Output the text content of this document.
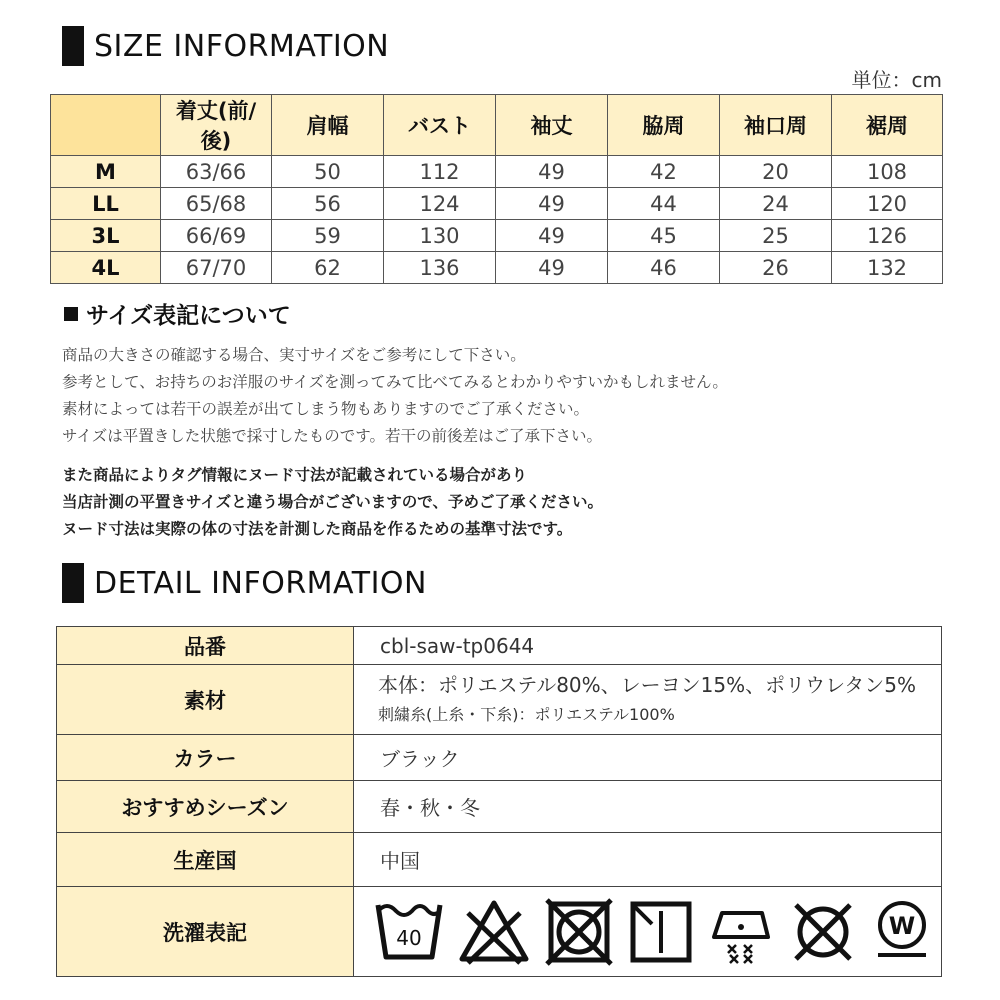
SIZE INFORMATION
単位：cm
	着丈(前/後)	肩幅	バスト	袖丈	脇周	袖口周	裾周
M	63/66	50	112	49	42	20	108
LL	65/68	56	124	49	44	24	120
3L	66/69	59	130	49	45	25	126
4L	67/70	62	136	49	46	26	132
サイズ表記について
商品の大きさの確認する場合、実寸サイズをご参考にして下さい。
参考として、お持ちのお洋服のサイズを測ってみて比べてみるとわかりやすいかもしれません。
素材によっては若干の誤差が出てしまう物もありますのでご了承ください。
サイズは平置きした状態で採寸したものです。若干の前後差はご了承下さい。
また商品によりタグ情報にヌード寸法が記載されている場合があり
当店計測の平置きサイズと違う場合がございますので、予めご了承ください。
ヌード寸法は実際の体の寸法を計測した商品を作るための基準寸法です。
DETAIL INFORMATION
品番	cbl-saw-tp0644
素材	本体：ポリエステル80%、レーヨン15%、ポリウレタン5%
刺繍糸(上糸・下糸)：ポリエステル100%

カラー	ブラック
おすすめシーズン	春・秋・冬
生産国	中国
洗濯表記	40 W
